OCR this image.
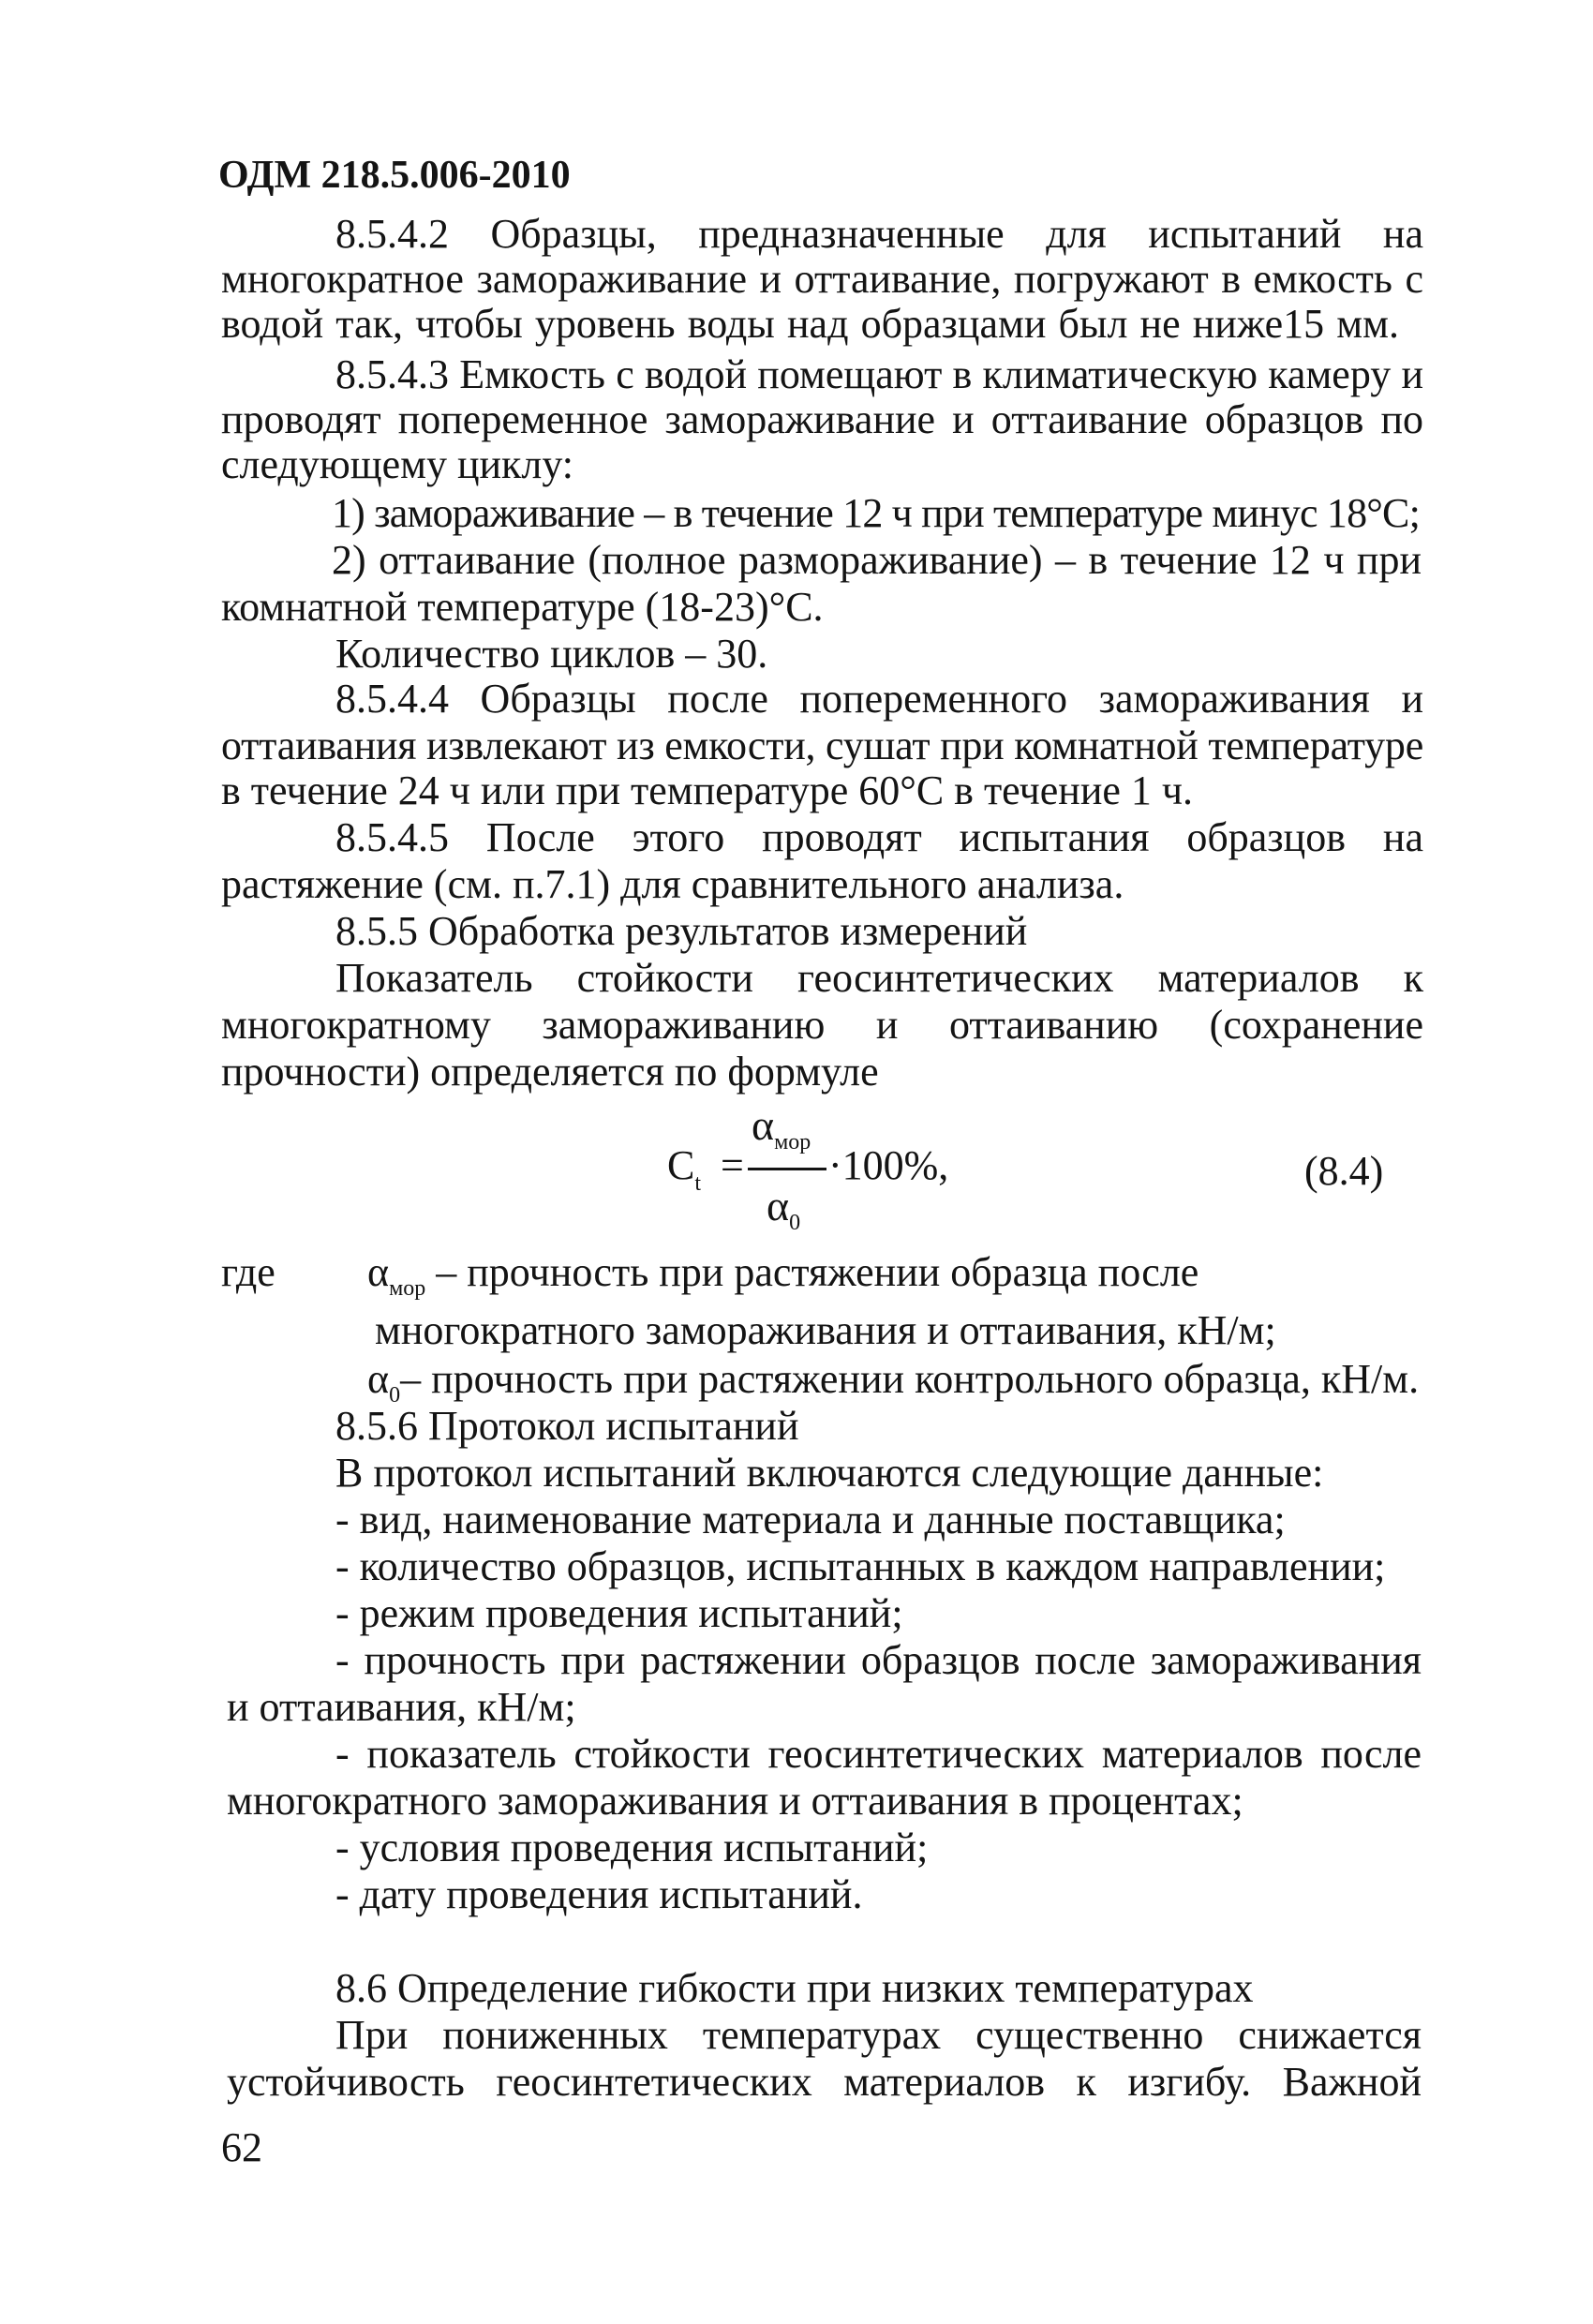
ОДМ 218.5.006-2010
8.5.4.2 Образцы, предназначенные для испытаний на
многократное замораживание и оттаивание, погружают в емкость с
водой так, чтобы уровень воды над образцами был не ниже15 мм.
8.5.4.3 Емкость с водой помещают в климатическую камеру и
проводят попеременное замораживание и оттаивание образцов по
следующему циклу:
1) замораживание – в течение 12 ч при температуре минус 18°С;
2) оттаивание (полное размораживание) – в течение 12 ч при
комнатной температуре (18-23)°С.
Количество циклов – 30.
8.5.4.4 Образцы после попеременного замораживания и
оттаивания извлекают из емкости, сушат при комнатной температуре
в течение 24 ч или при температуре 60°С в течение 1 ч.
8.5.4.5 После этого проводят испытания образцов на
растяжение (см. п.7.1) для сравнительного анализа.
8.5.5 Обработка результатов измерений
Показатель стойкости геосинтетических материалов к
многократному замораживанию и оттаиванию (сохранение
прочности) определяется по формуле
$C_t$ =
$\alpha_{мор}$
$\alpha_0$
·100%,	(8.4)
где $\alpha_{мор}$ – прочность при растяжении образца после
многократного замораживания и оттаивания, кН/м;
$\alpha_0-$ прочность при растяжении контрольного образца, кН/м.
8.5.6 Протокол испытаний
В протокол испытаний включаются следующие данные:
- вид, наименование материала и данные поставщика;
- количество образцов, испытанных в каждом направлении;
- режим проведения испытаний;
- прочность при растяжении образцов после замораживания
и оттаивания, кН/м;
- показатель стойкости геосинтетических материалов после
многократного замораживания и оттаивания в процентах;
- условия проведения испытаний;
- дату проведения испытаний.
8.6 Определение гибкости при низких температурах
При пониженных температурах существенно снижается
устойчивость геосинтетических материалов к изгибу. Важной
62
